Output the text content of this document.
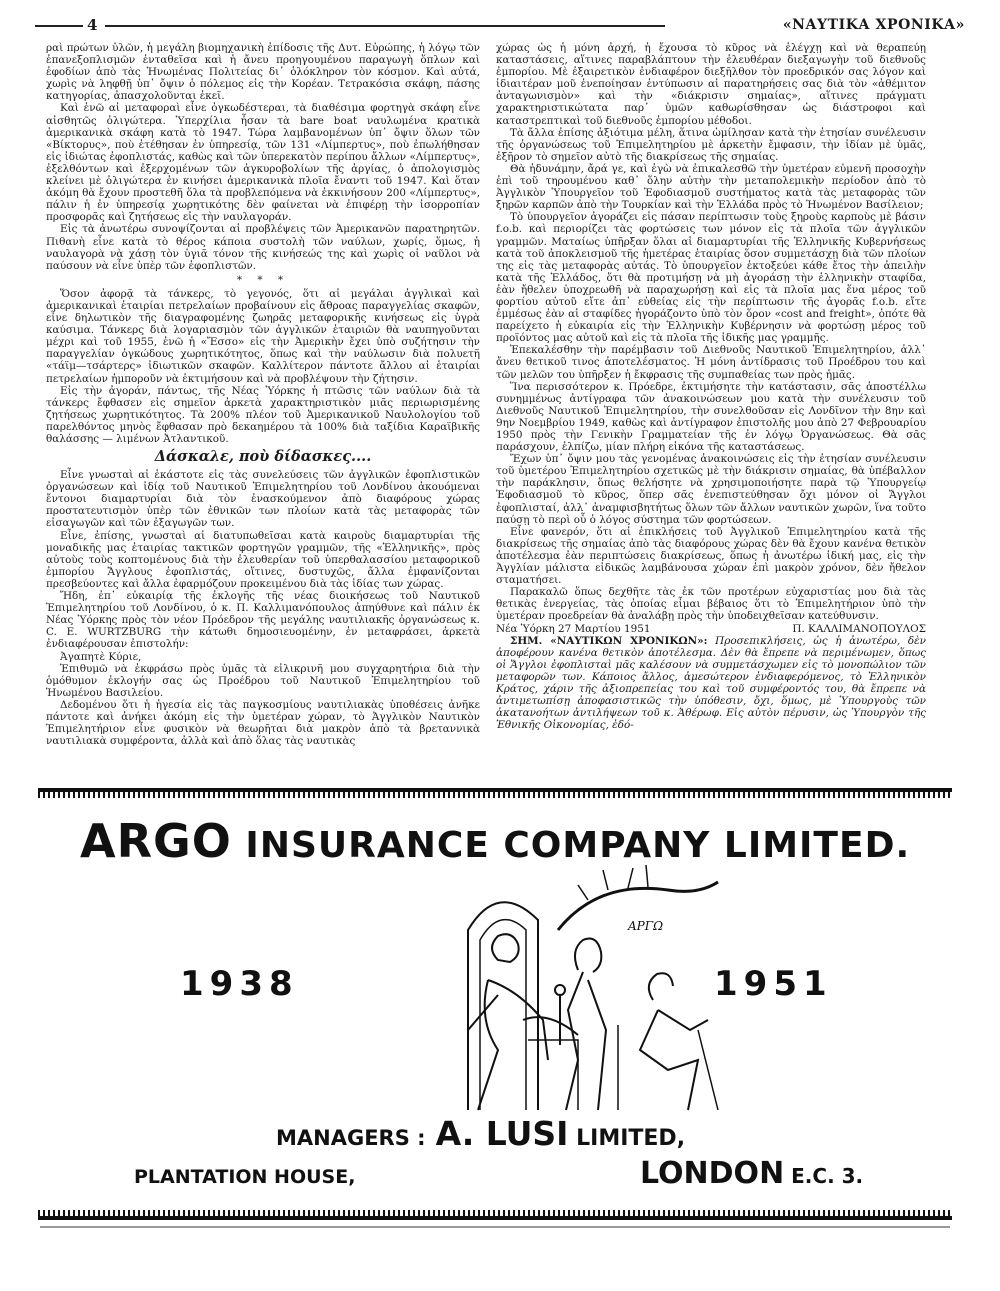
4	«ΝΑΥΤΙΚΑ ΧΡΟΝΙΚΑ»

ραὶ πρώτων ὑλῶν, ἡ μεγάλη βιομηχανικὴ ἐπίδοσις τῆς Δυτ. Εὐρώπης, ἡ λόγῳ τῶν ἐπανεξοπλισμῶν ἐνταθεῖσα καὶ ἡ ἄνευ προηγουμένου παραγωγὴ ὅπλων καὶ ἐφοδίων ἀπὸ τὰς Ἡνωμένας Πολιτείας δι᾿ ὁλόκληρον τὸν κόσμον. Καὶ αὐτά, χωρὶς νὰ ληφθῇ ὑπ᾿ ὄψιν ὁ πόλεμος εἰς τὴν Κορέαν. Τετρακόσια σκάφη, πάσης κατηγορίας, ἀπασχολοῦνται ἐκεῖ.

Καὶ ἐνῶ αἱ μεταφοραὶ εἶνε ὀγκωδέστεραι, τὰ διαθέσιμα φορτηγὰ σκάφη εἶνε αἰσθητῶς ὀλιγώτερα. Ὑπερχίλια ἦσαν τὰ bare boat ναυλωμένα κρατικὰ ἀμερικανικὰ σκάφη κατὰ τὸ 1947. Τώρα λαμβανομένων ὑπ᾿ ὄψιν ὅλων τῶν «Βίκτορυς», ποὺ ἐτέθησαν ἐν ὑπηρεσίᾳ, τῶν 131 «Λίμπερτυς», ποὺ ἐπωλήθησαν εἰς ἰδιώτας ἐφοπλιστάς, καθὼς καὶ τῶν ὑπερεκατὸν περίπου ἄλλων «Λίμπερτυς», ἐξελθόντων καὶ ἐξερχομένων τῶν ἀγκυροβολίων τῆς ἀργίας, ὁ ἀπολογισμὸς κλείνει μὲ ὀλιγώτερα ἐν κινήσει ἀμερικανικὰ πλοῖα ἔναντι τοῦ 1947. Καὶ ὅταν ἀκόμη θὰ ἔχουν προστεθῆ ὅλα τὰ προβλεπόμενα νὰ ἐκκινήσουν 200 «Λίμπερτυς», πάλιν ἡ ἐν ὑπηρεσίᾳ χωρητικότης δὲν φαίνεται νὰ ἐπιφέρῃ τὴν ἰσορροπίαν προσφορᾶς καὶ ζητήσεως εἰς τὴν ναυλαγοράν.

Εἰς τὰ ἀνωτέρω συνοψίζονται αἱ προβλέψεις τῶν Ἀμερικανῶν παρατηρητῶν. Πιθανὴ εἶνε κατὰ τὸ θέρος κάποια συστολὴ τῶν ναύλων, χωρίς, ὅμως, ἡ ναυλαγορὰ νὰ χάσῃ τὸν ὑγιᾶ τόνον τῆς κινήσεώς της καὶ χωρὶς οἱ ναῦλοι νὰ παύσουν νὰ εἶνε ὑπὲρ τῶν ἐφοπλιστῶν.

* * *

Ὅσον ἀφορᾷ τὰ τάνκερς, τὸ γεγονός, ὅτι αἱ μεγάλαι ἀγγλικαὶ καὶ ἀμερικανικαὶ ἑταιρίαι πετρελαίων προβαίνουν εἰς ἄθροας παραγγελίας σκαφῶν, εἶνε δηλωτικὸν τῆς διαγραφομένης ζωηρᾶς μεταφορικῆς κινήσεως εἰς ὑγρὰ καύσιμα. Τάνκερς διὰ λογαριασμὸν τῶν ἀγγλικῶν ἑταιριῶν θὰ ναυπηγοῦνται μέχρι καὶ τοῦ 1955, ἐνῶ ἡ «Ἔσσο» εἰς τὴν Ἀμερικὴν ἔχει ὑπὸ συζήτησιν τὴν παραγγελίαν ὀγκώδους χωρητικότητος, ὅπως καὶ τὴν ναύλωσιν διὰ πολυετῆ «τάϊμ—τσάρτερς» ἰδιωτικῶν σκαφῶν. Καλλίτερον πάντοτε ἄλλου αἱ ἑταιρίαι πετρελαίων ἠμποροῦν νὰ ἐκτιμήσουν καὶ νὰ προβλέψουν τὴν ζήτησιν.

Εἰς τὴν ἀγοράν, πάντως, τῆς Νέας Ὑόρκης ἡ πτῶσις τῶν ναύλων διὰ τὰ τάνκερς ἔφθασεν εἰς σημεῖον ἀρκετὰ χαρακτηριστικὸν μιᾶς περιωρισμένης ζητήσεως χωρητικότητος. Τὰ 200% πλέον τοῦ Ἀμερικανικοῦ Ναυλολογίου τοῦ παρελθόντος μηνὸς ἔφθασαν πρὸ δεκαημέρου τὰ 100% διὰ ταξίδια Καραϊβικῆς θαλάσσης — λιμένων Ἀτλαντικοῦ.

Δάσκαλε, ποὺ δίδασκες....

Εἶνε γνωσταὶ αἱ ἑκάστοτε εἰς τὰς συνελεύσεις τῶν ἀγγλικῶν ἐφοπλιστικῶν ὀργανώσεων καὶ ἰδίᾳ τοῦ Ναυτικοῦ Ἐπιμελητηρίου τοῦ Λονδίνου ἀκουόμεναι ἔντονοι διαμαρτυρίαι διὰ τὸν ἐνασκούμενον ἀπὸ διαφόρους χώρας προστατευτισμὸν ὑπὲρ τῶν ἐθνικῶν των πλοίων κατὰ τὰς μεταφορὰς τῶν εἰσαγωγῶν καὶ τῶν ἐξαγωγῶν των.

Εἶνε, ἐπίσης, γνωσταὶ αἱ διατυπωθεῖσαι κατὰ καιροὺς διαμαρτυρίαι τῆς μοναδικῆς μας ἑταιρίας τακτικῶν φορτηγῶν γραμμῶν, τῆς «Ἑλληνικῆς», πρὸς αὐτοὺς τοὺς κοπτομένους διὰ τὴν ἐλευθερίαν τοῦ ὑπερθαλασσίου μεταφορικοῦ ἐμπορίου Ἄγγλους ἐφοπλιστάς, οἵτινες, δυστυχῶς, ἄλλα ἐμφανίζονται πρεσβεύοντες καὶ ἄλλα ἐφαρμόζουν προκειμένου διὰ τὰς ἰδίας των χώρας.

Ἤδη, ἐπ᾿ εὐκαιρίᾳ τῆς ἐκλογῆς τῆς νέας διοικήσεως τοῦ Ναυτικοῦ Ἐπιμελητηρίου τοῦ Λονδίνου, ὁ κ. Π. Καλλιμανόπουλος ἀπηύθυνε καὶ πάλιν ἐκ Νέας Ὑόρκης πρὸς τὸν νέον Πρόεδρον τῆς μεγάλης ναυτιλιακῆς ὀργανώσεως κ. C. E. WURTZBURG τὴν κάτωθι δημοσιευομένην, ἐν μεταφράσει, ἀρκετὰ ἐνδιαφέρουσαν ἐπιστολήν:

Ἀγαπητὲ Κύριε,

Ἐπιθυμῶ νὰ ἐκφράσω πρὸς ὑμᾶς τὰ εἰλικρινῆ μου συγχαρητήρια διὰ τὴν ὁμόθυμον ἐκλογήν σας ὡς Προέδρου τοῦ Ναυτικοῦ Ἐπιμελητηρίου τοῦ Ἡνωμένου Βασιλείου.

Δεδομένου ὅτι ἡ ἡγεσία εἰς τὰς παγκοσμίους ναυτιλιακὰς ὑποθέσεις ἀνῆκε πάντοτε καὶ ἀνήκει ἀκόμη εἰς τὴν ὑμετέραν χώραν, τὸ Ἀγγλικὸν Ναυτικὸν Ἐπιμελητήριον εἶνε φυσικὸν νὰ θεωρῆται διὰ μακρὸν ἀπὸ τὰ βρεταννικὰ ναυτιλιακὰ συμφέροντα, ἀλλὰ καὶ ἀπὸ ὅλας τὰς ναυτικὰς

χώρας ὡς ἡ μόνη ἀρχή, ἡ ἔχουσα τὸ κῦρος νὰ ἐλέγχῃ καὶ νὰ θεραπεύῃ καταστάσεις, αἵτινες παραβλάπτουν τὴν ἐλευθέραν διεξαγωγὴν τοῦ διεθνοῦς ἐμπορίου. Μὲ ἐξαιρετικὸν ἐνδιαφέρον διεξῆλθον τὸν προεδρικόν σας λόγον καὶ ἰδιαιτέραν μοῦ ἐνεποίησαν ἐντύπωσιν αἱ παρατηρήσεις σας διὰ τὸν «ἀθέμιτον ἀνταγωνισμὸν» καὶ τὴν «διάκρισιν σημαίας», αἵτινες πράγματι χαρακτηριστικώτατα παρ᾿ ὑμῶν καθωρίσθησαν ὡς διάστροφοι καὶ καταστρεπτικαὶ τοῦ διεθνοῦς ἐμπορίου μέθοδοι.

Τὰ ἄλλα ἐπίσης ἀξιότιμα μέλη, ἅτινα ὡμίλησαν κατὰ τὴν ἐτησίαν συνέλευσιν τῆς ὀργανώσεως τοῦ Ἐπιμελητηρίου μὲ ἀρκετὴν ἔμφασιν, τὴν ἰδίαν μὲ ὑμᾶς, ἐξῆρον τὸ σημεῖον αὐτὸ τῆς διακρίσεως τῆς σημαίας.

Θὰ ἠδυνάμην, ἄρά γε, καὶ ἐγὼ νὰ ἐπικαλεσθῶ τὴν ὑμετέραν εὐμενῆ προσοχὴν ἐπὶ τοῦ τηρουμένου καθ᾿ ὅλην αὐτὴν τὴν μεταπολεμικὴν περίοδον ἀπὸ τὸ Ἀγγλικὸν Ὑπουργεῖον τοῦ Ἐφοδιασμοῦ συστήματος κατὰ τὰς μεταφορὰς τῶν ξηρῶν καρπῶν ἀπὸ τὴν Τουρκίαν καὶ τὴν Ἑλλάδα πρὸς τὸ Ἡνωμένον Βασίλειον;

Τὸ ὑπουργεῖον ἀγοράζει εἰς πάσαν περίπτωσιν τοὺς ξηροὺς καρποὺς μὲ βάσιν f.o.b. καὶ περιορίζει τὰς φορτώσεις των μόνον εἰς τὰ πλοῖα τῶν ἀγγλικῶν γραμμῶν. Ματαίως ὑπῆρξαν ὅλαι αἱ διαμαρτυρίαι τῆς Ἑλληνικῆς Κυβερνήσεως κατὰ τοῦ ἀποκλεισμοῦ τῆς ἡμετέρας ἑταιρίας ὅσον συμμετάσχῃ διὰ τῶν πλοίων της εἰς τὰς μεταφορὰς αὐτάς. Τὸ ὑπουργεῖον ἐκτοξεύει κάθε ἔτος τὴν ἀπειλὴν κατὰ τῆς Ἑλλάδος, ὅτι θὰ προτιμήσῃ νὰ μὴ ἀγοράσῃ τὴν ἑλληνικὴν σταφίδα, ἐὰν ἤθελεν ὑποχρεωθῆ νὰ παραχωρήσῃ καὶ εἰς τὰ πλοῖα μας ἕνα μέρος τοῦ φορτίου αὐτοῦ εἴτε ἀπ᾿ εὐθείας εἰς τὴν περίπτωσιν τῆς ἀγορᾶς f.o.b. εἴτε ἐμμέσως ἐὰν αἱ σταφίδες ἠγοράζοντο ὑπὸ τὸν ὅρον «cost and freight», ὁπότε θὰ παρείχετο ἡ εὐκαιρία εἰς τὴν Ἑλληνικὴν Κυβέρνησιν νὰ φορτώσῃ μέρος τοῦ προϊόντος μας αὐτοῦ καὶ εἰς τὰ πλοῖα τῆς ἰδικῆς μας γραμμῆς.

Ἐπεκαλέσθην τὴν παρέμβασιν τοῦ Διεθνοῦς Ναυτικοῦ Ἐπιμελητηρίου, ἀλλ᾿ ἄνευ θετικοῦ τινος ἀποτελέσματος. Ἡ μόνη ἀντίδρασις τοῦ Προέδρου του καὶ τῶν μελῶν του ὑπῆρξεν ἡ ἔκφρασις τῆς συμπαθείας των πρὸς ἡμᾶς.

Ἵνα περισσότερον κ. Πρόεδρε, ἐκτιμήσητε τὴν κατάστασιν, σᾶς ἀποστέλλω συνημμένως ἀντίγραφα τῶν ἀνακοινώσεων μου κατὰ τὴν συνέλευσιν τοῦ Διεθνοῦς Ναυτικοῦ Ἐπιμελητηρίου, τὴν συνελθοῦσαν εἰς Λονδῖνον τὴν 8ην καὶ 9ην Νοεμβρίου 1949, καθὼς καὶ ἀντίγραφον ἐπιστολῆς μου ἀπὸ 27 Φεβρουαρίου 1950 πρὸς τὴν Γενικὴν Γραμματείαν τῆς ἐν λόγῳ Ὀργανώσεως. Θὰ σᾶς παράσχουν, ἐλπίζω, μίαν πλήρη εἰκόνα τῆς καταστάσεως.

Ἔχων ὑπ᾿ ὄψιν μου τὰς γενομένας ἀνακοινώσεις εἰς τὴν ἐτησίαν συνέλευσιν τοῦ ὑμετέρου Ἐπιμελητηρίου σχετικῶς μὲ τὴν διάκρισιν σημαίας, θὰ ὑπέβαλλον τὴν παράκλησιν, ὅπως θελήσητε νὰ χρησιμοποιήσητε παρὰ τῷ Ὑπουργείῳ Ἐφοδιασμοῦ τὸ κῦρος, ὅπερ σᾶς ἐνεπιστεύθησαν ὄχι μόνον οἱ Ἄγγλοι ἐφοπλισταί, ἀλλ᾿ ἀναμφισβητήτως ὅλων τῶν ἄλλων ναυτικῶν χωρῶν, ἵνα τοῦτο παύσῃ τὸ περὶ οὗ ὁ λόγος σύστημα τῶν φορτώσεων.

Εἶνε φανερόν, ὅτι αἱ ἐπικλήσεις τοῦ Ἀγγλικοῦ Ἐπιμελητηρίου κατὰ τῆς διακρίσεως τῆς σημαίας ἀπὸ τὰς διαφόρους χώρας δὲν θὰ ἔχουν κανένα θετικὸν ἀποτέλεσμα ἐὰν περιπτώσεις διακρίσεως, ὅπως ἡ ἀνωτέρω ἰδική μας, εἰς τὴν Ἀγγλίαν μάλιστα εἰδικῶς λαμβάνουσα χώραν ἐπὶ μακρὸν χρόνον, δὲν ἤθελον σταματήσει.

Παρακαλῶ ὅπως δεχθῆτε τὰς ἐκ τῶν προτέρων εὐχαριστίας μου διὰ τὰς θετικὰς ἐνεργείας, τὰς ὁποίας εἶμαι βέβαιος ὅτι τὸ Ἐπιμελητήριον ὑπὸ τὴν ὑμετέραν προεδρείαν θὰ ἀναλάβῃ πρὸς τὴν ὑποδειχθεῖσαν κατεύθυνσιν.

Νέα Ὑόρκη 27 Μαρτίου 1951	Π. ΚΑΛΛΙΜΑΝΟΠΟΥΛΟΣ

ΣΗΜ. «ΝΑΥΤΙΚΩΝ ΧΡΟΝΙΚΩΝ»: Προσεπικλήσεις, ὡς ἡ ἀνωτέρω, δὲν ἀποφέρουν κανένα θετικὸν ἀποτέλεσμα. Δὲν θὰ ἔπρεπε νὰ περιμένωμεν, ὅπως οἱ Ἄγγλοι ἐφοπλισταὶ μᾶς καλέσουν νὰ συμμετάσχωμεν εἰς τὸ μονοπώλιον τῶν μεταφορῶν των. Κάποιος ἄλλος, ἀμεσώτερον ἐνδιαφερόμενος, τὸ Ἑλληνικὸν Κράτος, χάριν τῆς ἀξιοπρεπείας του καὶ τοῦ συμφέροντός του, θὰ ἔπρεπε νὰ ἀντιμετωπίσῃ ἀποφασιστικῶς τὴν ὑπόθεσιν, ὄχι, ὅμως, μὲ Ὑπουργοὺς τῶν ἀκατανοήτων ἀντιλήψεων τοῦ κ. Ἀθέρωφ. Εἰς αὐτὸν πέρυσιν, ὡς Ὑπουργὸν τῆς Ἐθνικῆς Οἰκονομίας, ἐδό-

ARGO INSURANCE COMPANY LIMITED.
1938	1951
ΑΡΓΩ
MANAGERS : A. LUSI LIMITED,
PLANTATION HOUSE,	LONDON E.C. 3.
